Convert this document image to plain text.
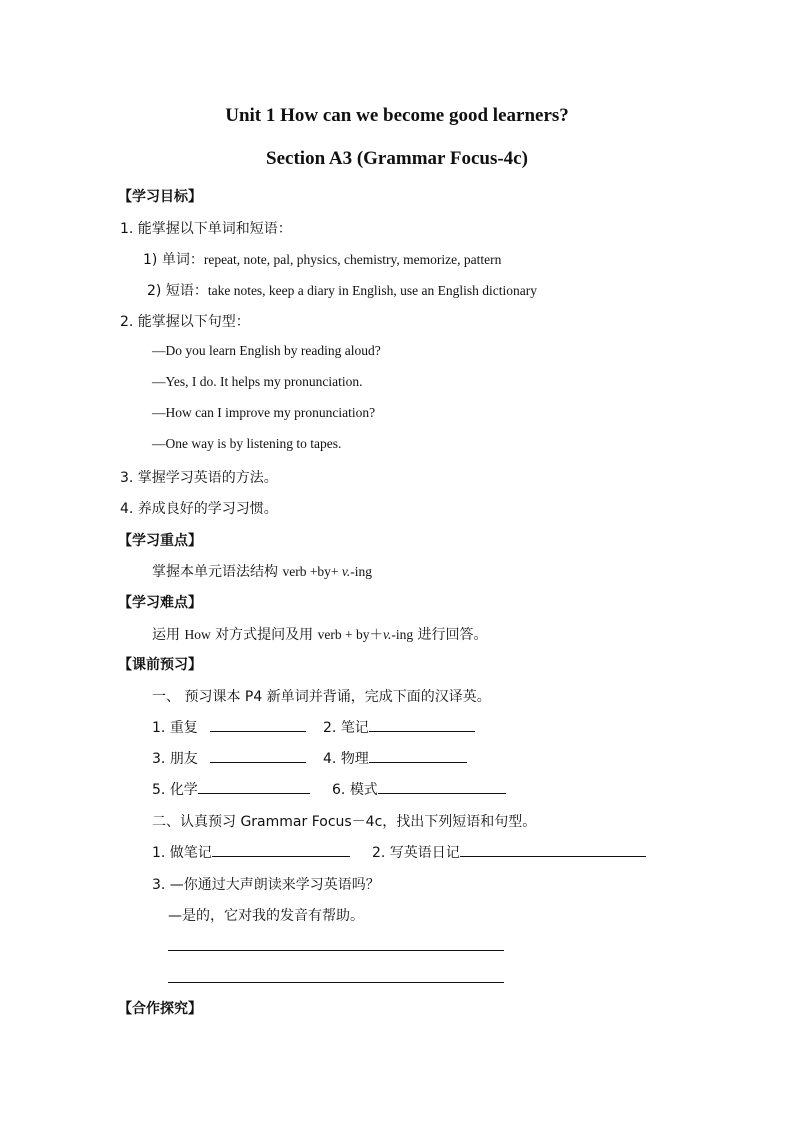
Unit 1 How can we become good learners?
Section A3 (Grammar Focus-4c)
【学习目标】
1. 能掌握以下单词和短语：
1) 单词：repeat, note, pal, physics, chemistry, memorize, pattern
2) 短语：take notes, keep a diary in English, use an English dictionary
2. 能掌握以下句型：
—Do you learn English by reading aloud?
—Yes, I do. It helps my pronunciation.
—How can I improve my pronunciation?
—One way is by listening to tapes.
3. 掌握学习英语的方法。
4. 养成良好的学习习惯。
【学习重点】
掌握本单元语法结构 verb +by+ v.-ing
【学习难点】
运用 How 对方式提问及用 verb + by＋v.-ing 进行回答。
【课前预习】
一、 预习课本 P4 新单词并背诵，完成下面的汉译英。
1. 重复	2. 笔记
3. 朋友	4. 物理
5. 化学	6. 模式
二、认真预习 Grammar Focus－4c，找出下列短语和句型。
1. 做笔记	2. 写英语日记
3. —你通过大声朗读来学习英语吗？
—是的，它对我的发音有帮助。
【合作探究】
